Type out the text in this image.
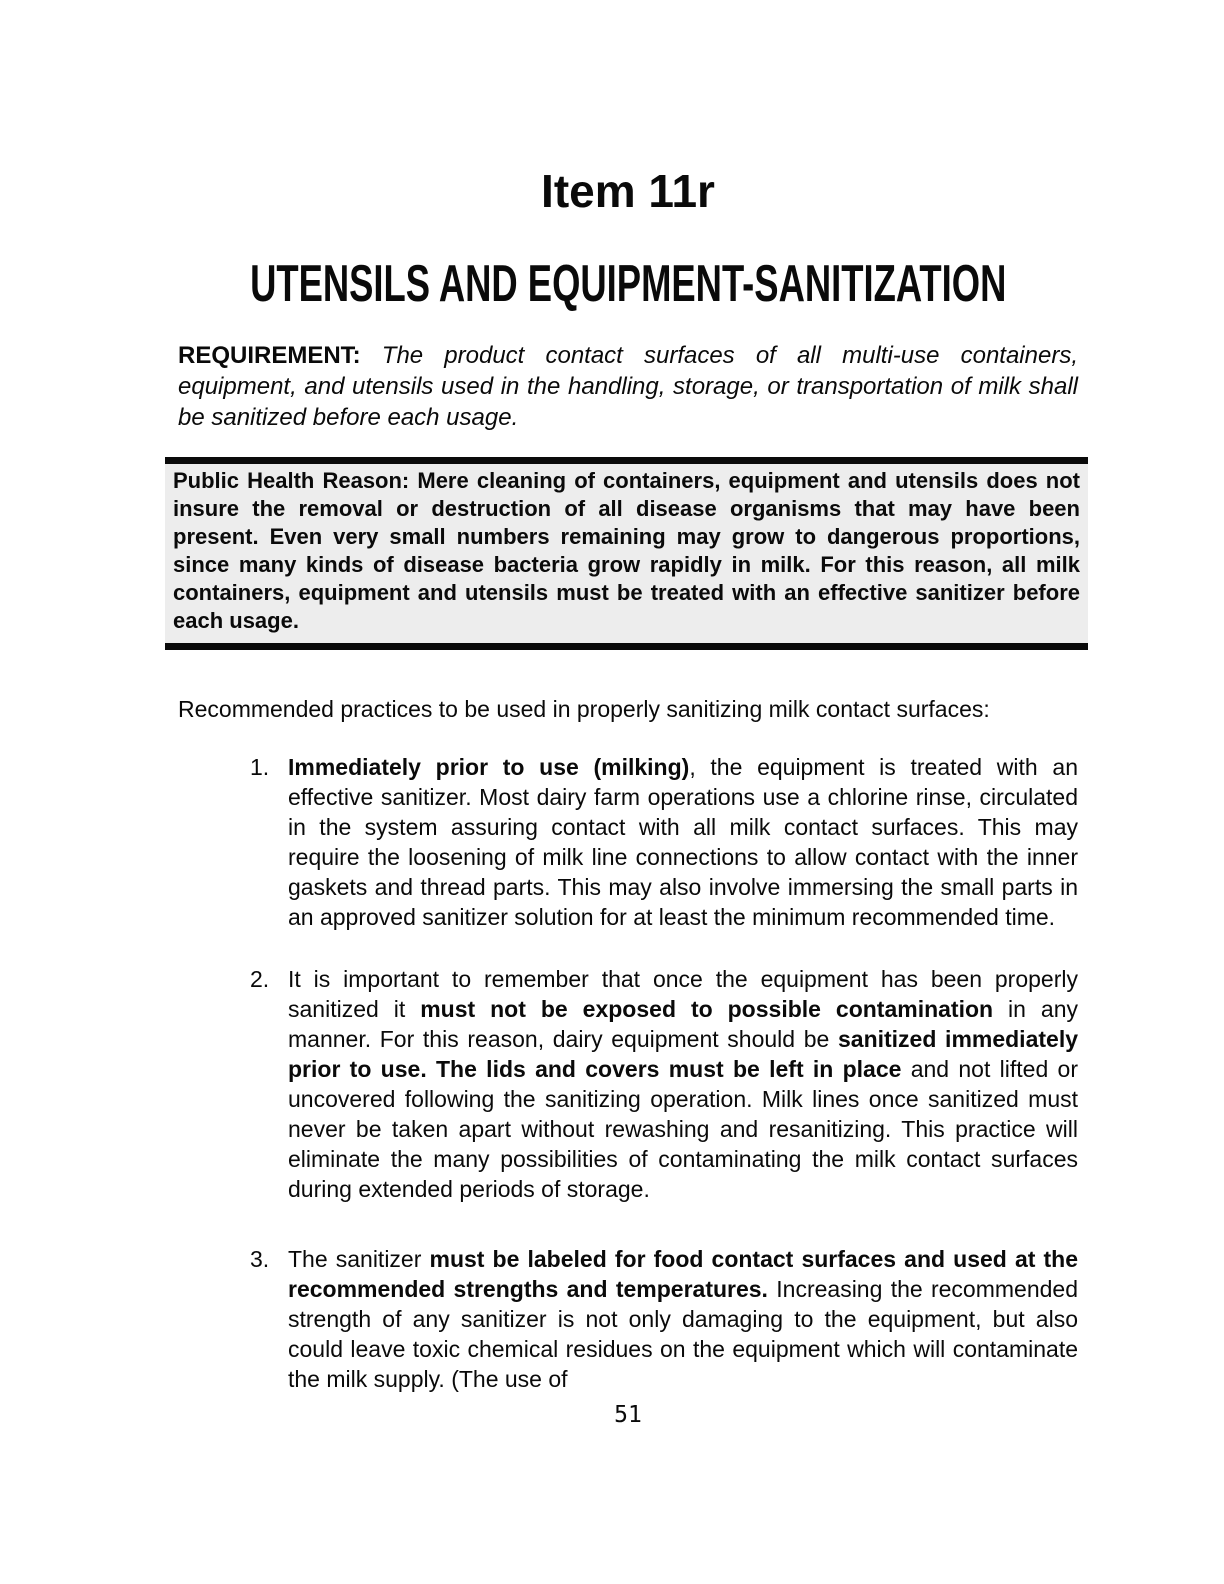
Item 11r
UTENSILS AND EQUIPMENT-SANITIZATION

REQUIREMENT: The product contact surfaces of all multi-use containers, equipment, and utensils used in the handling, storage, or transportation of milk shall be sanitized before each usage.

Public Health Reason: Mere cleaning of containers, equipment and utensils does not insure the removal or destruction of all disease organisms that may have been present. Even very small numbers remaining may grow to dangerous proportions, since many kinds of disease bacteria grow rapidly in milk. For this reason, all milk containers, equipment and utensils must be treated with an effective sanitizer before each usage.

Recommended practices to be used in properly sanitizing milk contact surfaces:

1. Immediately prior to use (milking), the equipment is treated with an effective sanitizer. Most dairy farm operations use a chlorine rinse, circulated in the system assuring contact with all milk contact surfaces. This may require the loosening of milk line connections to allow contact with the inner gaskets and thread parts. This may also involve immersing the small parts in an approved sanitizer solution for at least the minimum recommended time.
2. It is important to remember that once the equipment has been properly sanitized it must not be exposed to possible contamination in any manner. For this reason, dairy equipment should be sanitized immediately prior to use. The lids and covers must be left in place and not lifted or uncovered following the sanitizing operation. Milk lines once sanitized must never be taken apart without rewashing and resanitizing. This practice will eliminate the many possibilities of contaminating the milk contact surfaces during extended periods of storage.
3. The sanitizer must be labeled for food contact surfaces and used at the recommended strengths and temperatures. Increasing the recommended strength of any sanitizer is not only damaging to the equipment, but also could leave toxic chemical residues on the equipment which will contaminate the milk supply. (The use of
51
